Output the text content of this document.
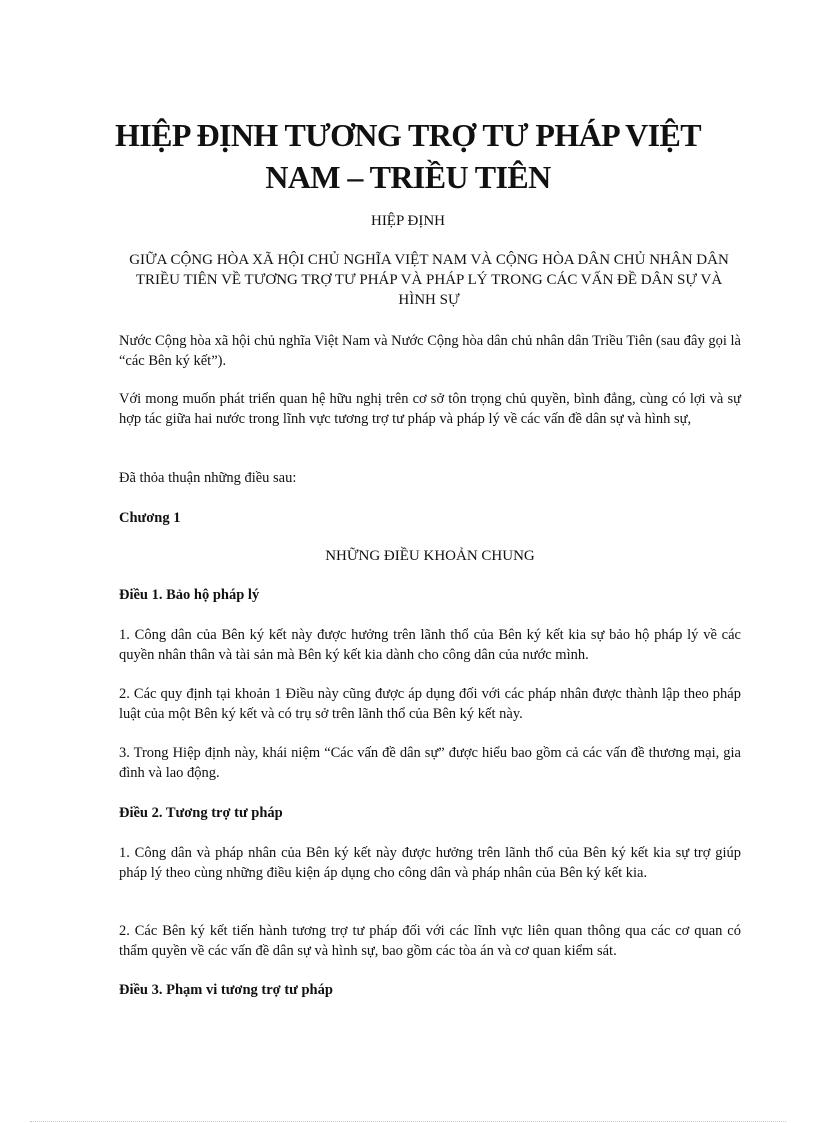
HIỆP ĐỊNH TƯƠNG TRỢ TƯ PHÁP VIỆT NAM – TRIỀU TIÊN

HIỆP ĐỊNH

GIỮA CỘNG HÒA XÃ HỘI CHỦ NGHĨA VIỆT NAM VÀ CỘNG HÒA DÂN CHỦ NHÂN DÂN TRIỀU TIÊN VỀ TƯƠNG TRỢ TƯ PHÁP VÀ PHÁP LÝ TRONG CÁC VẤN ĐỀ DÂN SỰ VÀ HÌNH SỰ

Nước Cộng hòa xã hội chủ nghĩa Việt Nam và Nước Cộng hòa dân chủ nhân dân Triều Tiên (sau đây gọi là “các Bên ký kết”).

Với mong muốn phát triển quan hệ hữu nghị trên cơ sở tôn trọng chủ quyền, bình đẳng, cùng có lợi và sự hợp tác giữa hai nước trong lĩnh vực tương trợ tư pháp và pháp lý về các vấn đề dân sự và hình sự,

Đã thỏa thuận những điều sau:

Chương 1

NHỮNG ĐIỀU KHOẢN CHUNG

Điều 1. Bảo hộ pháp lý

1. Công dân của Bên ký kết này được hưởng trên lãnh thổ của Bên ký kết kia sự bảo hộ pháp lý về các quyền nhân thân và tài sản mà Bên ký kết kia dành cho công dân của nước mình.

2. Các quy định tại khoản 1 Điều này cũng được áp dụng đối với các pháp nhân được thành lập theo pháp luật của một Bên ký kết và có trụ sở trên lãnh thổ của Bên ký kết này.

3. Trong Hiệp định này, khái niệm “Các vấn đề dân sự” được hiểu bao gồm cả các vấn đề thương mại, gia đình và lao động.

Điều 2. Tương trợ tư pháp

1. Công dân và pháp nhân của Bên ký kết này được hưởng trên lãnh thổ của Bên ký kết kia sự trợ giúp pháp lý theo cùng những điều kiện áp dụng cho công dân và pháp nhân của Bên ký kết kia.

2. Các Bên ký kết tiến hành tương trợ tư pháp đối với các lĩnh vực liên quan thông qua các cơ quan có thẩm quyền về các vấn đề dân sự và hình sự, bao gồm các tòa án và cơ quan kiểm sát.

Điều 3. Phạm vi tương trợ tư pháp
